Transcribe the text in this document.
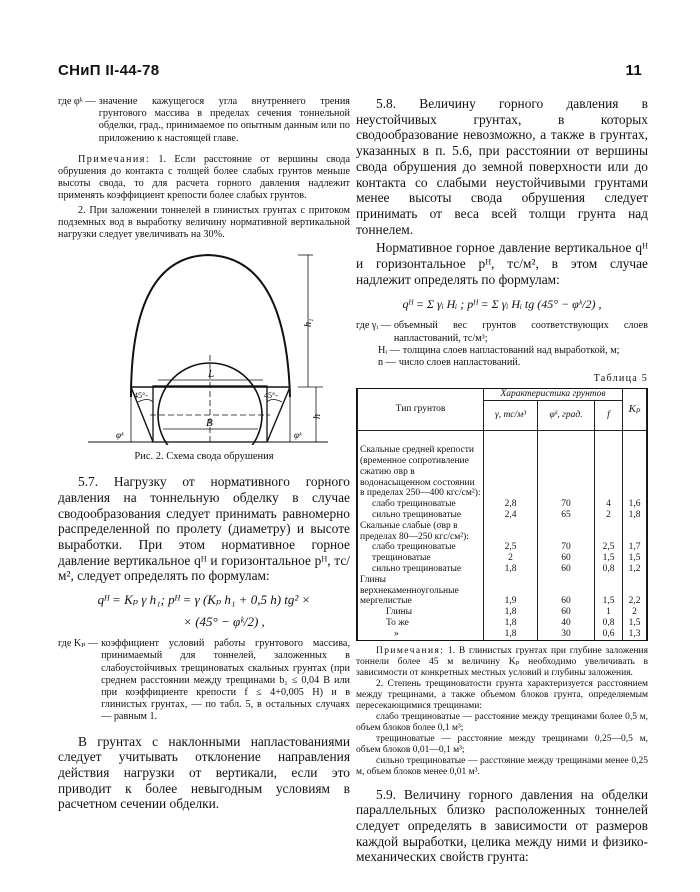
СНиП II-44-78	11
где φᵏ — значение кажущегося угла внутреннего трения грунтового массива в пределах сечения тоннельной обделки, град., принимаемое по опытным данным или по приложению к настоящей главе.
Примечания: 1. Если расстояние от вершины свода обрушения до контакта с толщей более слабых грунтов меньше высоты свода, то для расчета горного давления надлежит применять коэффициент крепости более слабых грунтов.
2. При заложении тоннелей в глинистых грунтах с притоком подземных вод в выработку величину нормативной вертикальной нагрузки следует увеличивать на 30%.
L
B
h₁
h
45°-	45°-
φᵏ	φᵏ
Рис. 2. Схема свода обрушения
5.7. Нагрузку от нормативного горного давления на тоннельную обделку в случае сводообразования следует принимать равномерно распределенной по пролету (диаметру) и высоте выработки. При этом нормативное горное давление вертикальное qᴴ и горизонтальное pᴴ, тс/м², следует определять по формулам:
qᴴ = Kₚ γ h₁; pᴴ = γ (Kₚ h₁ + 0,5 h) tg² ×
× (45° − φᵏ/2) ,
где Kₚ — коэффициент условий работы грунтового массива, принимаемый для тоннелей, заложенных в слабоустойчивых трещиноватых скальных грунтах (при среднем расстоянии между трещинами b₁ ≤ 0,04 B или при коэффициенте крепости f ≤ 4+0,005 H) и в глинистых грунтах, — по табл. 5, в остальных случаях — равным 1.
В грунтах с наклонными напластованиями следует учитывать отклонение направления действия нагрузки от вертикали, если это приводит к более невыгодным условиям в расчетном сечении обделки.
5.8. Величину горного давления в неустойчивых грунтах, в которых сводообразование невозможно, а также в грунтах, указанных в п. 5.6, при расстоянии от вершины свода обрушения до земной поверхности или до контакта со слабыми неустойчивыми грунтами менее высоты свода обрушения следует принимать от веса всей толщи грунта над тоннелем.
Нормативное горное давление вертикальное qᴴ и горизонтальное pᴴ, тс/м², в этом случае надлежит определять по формулам:
qᴴ = Σ γᵢ Hᵢ ; pᴴ = Σ γᵢ Hᵢ tg (45° − φᵏ/2) ,
где γᵢ — объемный вес грунтов соответствующих слоев напластований, тс/м³;
Hᵢ — толщина слоев напластований над выработкой, м;
n — число слоев напластований.
Таблица 5
Тип грунтов	Характеристика грунтов			Kₚ
	γ, тс/м³	φᵏ, град.	f	
Скальные средней крепости (временное сопротивление сжатию σвр в водонасыщенном состоянии в пределах 250—400 кгс/см²):				
слабо трещиноватые	2,8	70	4	1,6
сильно трещиноватые	2,4	65	2	1,8
Скальные слабые (σвр в пределах 80—250 кгс/см²):				
слабо трещиноватые	2,5	70	2,5	1,7
трещиноватые	2	60	1,5	1,5
сильно трещиноватые	1,8	60	0,8	1,2
Глины верхнекаменноугольные мергелистые	1,9	60	1,5	2,2
Глины	1,8	60	1	2
То же	1,8	40	0,8	1,5
»	1,8	30	0,6	1,3
Примечания: 1. В глинистых грунтах при глубине заложения тоннели более 45 м величину Kₚ необходимо увеличивать в зависимости от конкретных местных условий и глубины заложения.
2. Степень трещиноватости грунта характеризуется расстоянием между трещинами, а также объемом блоков грунта, определяемым пересекающимися трещинами:
слабо трещиноватые — расстояние между трещинами более 0,5 м, объем блоков более 0,1 м³;
трещиноватые — расстояние между трещинами 0,25—0,5 м, объем блоков 0,01—0,1 м³;
сильно трещиноватые — расстояние между трещинами менее 0,25 м, объем блоков менее 0,01 м³.
5.9. Величину горного давления на обделки параллельных близко расположенных тоннелей следует определять в зависимости от размеров каждой выработки, целика между ними и физико-механических свойств грунта:
